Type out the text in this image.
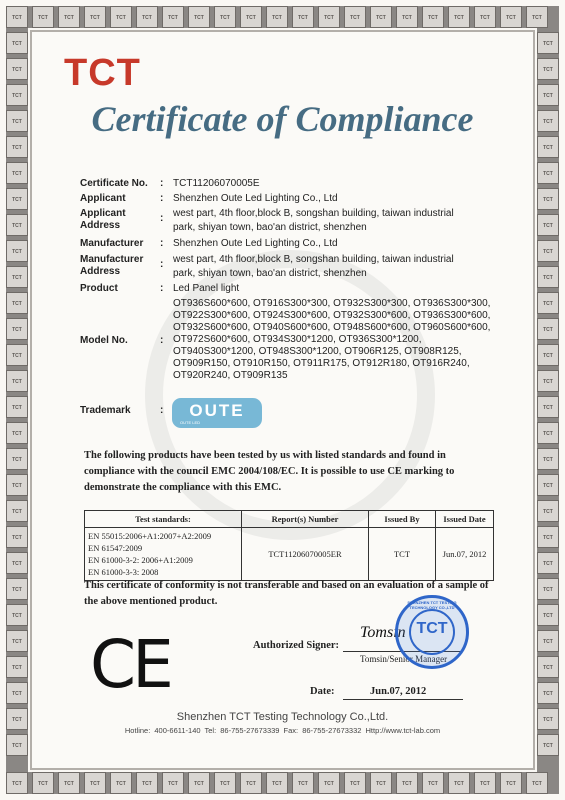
TCT
TCT
TCT
TCT
TCT
TCT
TCT
TCT
TCT
TCT
TCT
TCT
TCT
TCT
TCT
TCT
TCT
TCT
TCT
TCT
TCT
TCT
TCT
TCT
TCT
TCT
TCT
TCT
TCT
TCT
TCT
TCT
TCT
TCT
TCT
TCT
TCT
TCT
TCT
TCT
TCT
TCT
TCT	TCT
TCT	TCT
TCT	TCT
TCT	TCT
TCT	TCT
TCT	TCT
TCT	TCT
TCT	TCT
TCT	TCT
TCT	TCT
TCT	TCT
TCT	TCT
TCT	TCT
TCT	TCT
TCT	TCT
TCT	TCT
TCT	TCT
TCT	TCT
TCT	TCT
TCT	TCT
TCT	TCT
TCT	TCT
TCT	TCT
TCT	TCT
TCT	TCT
TCT	TCT
TCT	TCT
TCT	TCT
TCT
Certificate of Compliance
Certificate No. : TCT11206070005E
Applicant	: Shenzhen Oute Led Lighting Co., Ltd
Applicant
Address
: west part, 4th floor,block B, songshan building, taiwan industrial
park, shiyan town, bao'an district, shenzhen
Manufacturer : Shenzhen Oute Led Lighting Co., Ltd
Manufacturer
Address
: west part, 4th floor,block B, songshan building, taiwan industrial
park, shiyan town, bao'an district, shenzhen
Product	: Led Panel light
Model No.	:
OT936S600*600, OT916S300*300, OT932S300*300, OT936S300*300,
OT922S300*600, OT924S300*600, OT932S300*600, OT936S300*600,
OT932S600*600, OT940S600*600, OT948S600*600, OT960S600*600,
OT972S600*600, OT934S300*1200, OT936S300*1200,
OT940S300*1200, OT948S300*1200, OT906R125, OT908R125,
OT909R150, OT910R150, OT911R175, OT912R180, OT916R240,
OT920R240, OT909R135
Trademark	:	OUTE
OUTE LED
The following products have been tested by us with listed standards and found in compliance with the council EMC 2004/108/EC. It is possible to use CE marking to demonstrate the compliance with this EMC.
Test standards:	Report(s) Number	Issued By	Issued Date

EN 55015:2006+A1:2007+A2:2009
EN 61547:2009
EN 61000-3-2: 2006+A1:2009
EN 61000-3-3: 2008	TCT11206070005ER	TCT	Jun.07, 2012
This certificate of conformity is not transferable and based on an evaluation of a sample of the above mentioned product.
CE	Authorized Signer:
Tomsin
Tomsin/Senior Manager
SHENZHEN TCT TESTING TECHNOLOGY CO.,LTD
TCT
Date:	Jun.07, 2012
Shenzhen TCT Testing Technology Co.,Ltd.
Hotline: 400-6611-140 Tel: 86-755-27673339 Fax: 86-755-27673332 Http://www.tct-lab.com
